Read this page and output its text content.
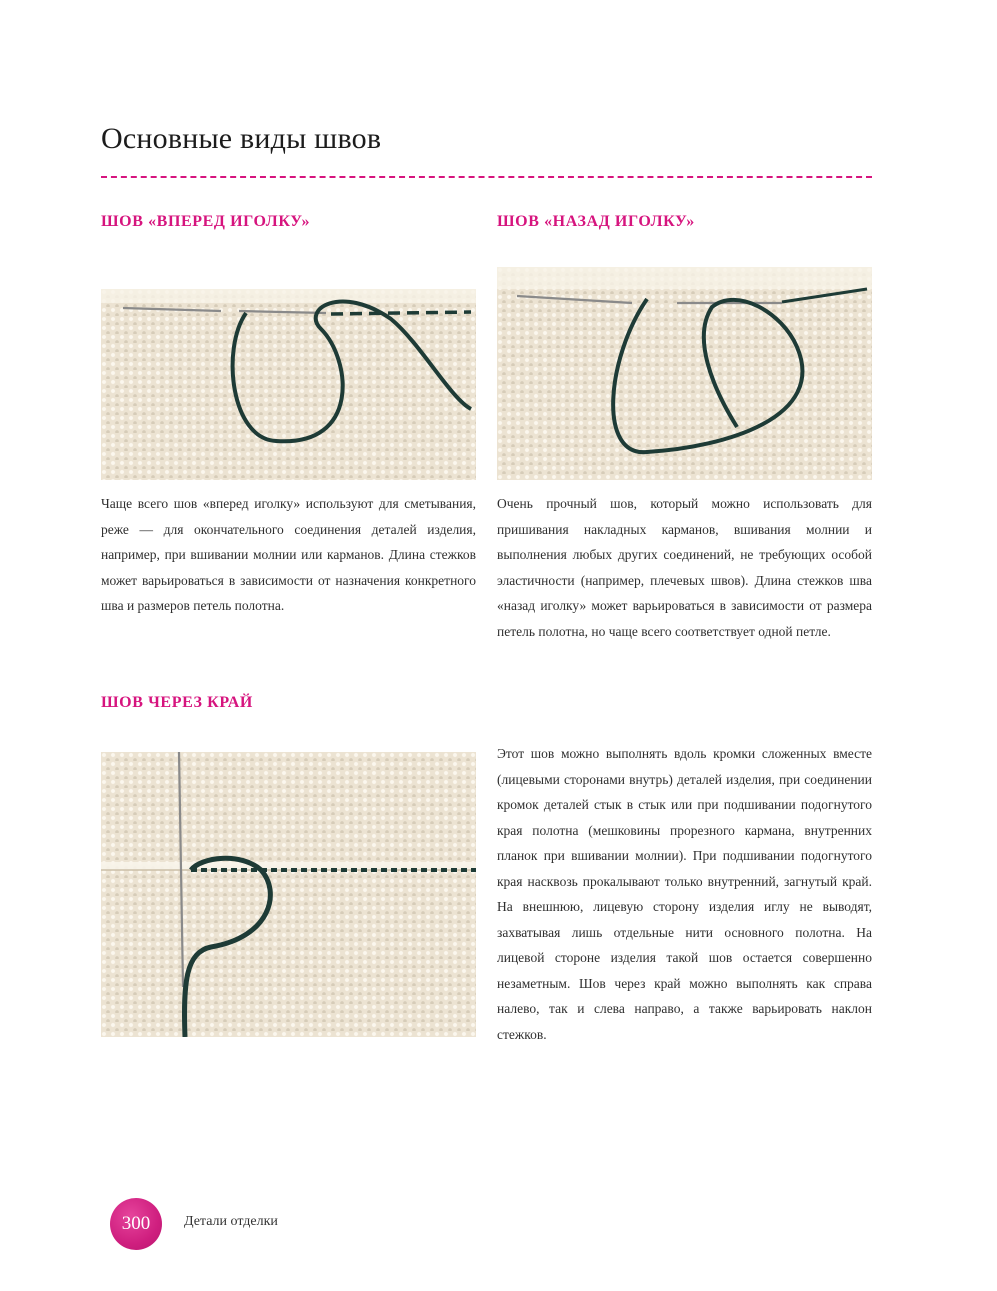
Основные виды швов
ШОВ «ВПЕРЕД ИГОЛКУ»

Чаще всего шов «вперед иголку» используют для сметывания, реже — для окончательного соединения деталей изделия, например, при вшивании молнии или карманов. Длина стежков может варьироваться в зависимости от назначения конкретного шва и размеров петель полотна.

ШОВ «НАЗАД ИГОЛКУ»

Очень прочный шов, который можно использовать для пришивания накладных карманов, вшивания молнии и выполнения любых других соединений, не требующих особой эластичности (например, плечевых швов). Длина стежков шва «назад иголку» может варьироваться в зависимости от размера петель полотна, но чаще всего соответствует одной петле.

ШОВ ЧЕРЕЗ КРАЙ

Этот шов можно выполнять вдоль кромки сложенных вместе (лицевыми сторонами внутрь) деталей изделия, при соединении кромок деталей стык в стык или при подшивании подогнутого края полотна (мешковины прорезного кармана, внутренних планок при вшивании молнии). При подшивании подогнутого края насквозь прокалывают только внутренний, загнутый край. На внешнюю, лицевую сторону изделия иглу не выводят, захватывая лишь отдельные нити основного полотна. На лицевой стороне изделия такой шов остается совершенно незаметным. Шов через край можно выполнять как справа налево, так и слева направо, а также варьировать наклон стежков.

300 Детали отделки
